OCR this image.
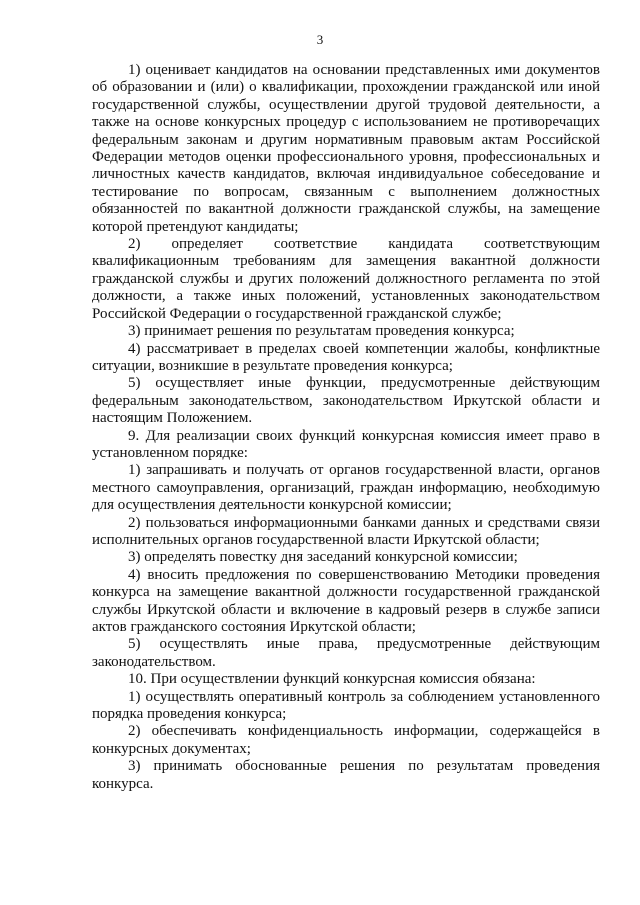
3

1) оценивает кандидатов на основании представленных ими документов об образовании и (или) о квалификации, прохождении гражданской или иной государственной службы, осуществлении другой трудовой деятельности, а также на основе конкурсных процедур с использованием не противоречащих федеральным законам и другим нормативным правовым актам Российской Федерации методов оценки профессионального уровня, профессиональных и личностных качеств кандидатов, включая индивидуальное собеседование и тестирование по вопросам, связанным с выполнением должностных обязанностей по вакантной должности гражданской службы, на замещение которой претендуют кандидаты;

2) определяет соответствие кандидата соответствующим квалификационным требованиям для замещения вакантной должности гражданской службы и других положений должностного регламента по этой должности, а также иных положений, установленных законодательством Российской Федерации о государственной гражданской службе;

3) принимает решения по результатам проведения конкурса;

4) рассматривает в пределах своей компетенции жалобы, конфликтные ситуации, возникшие в результате проведения конкурса;

5) осуществляет иные функции, предусмотренные действующим федеральным законодательством, законодательством Иркутской области и настоящим Положением.

9. Для реализации своих функций конкурсная комиссия имеет право в установленном порядке:

1) запрашивать и получать от органов государственной власти, органов местного самоуправления, организаций, граждан информацию, необходимую для осуществления деятельности конкурсной комиссии;

2) пользоваться информационными банками данных и средствами связи исполнительных органов государственной власти Иркутской области;

3) определять повестку дня заседаний конкурсной комиссии;

4) вносить предложения по совершенствованию Методики проведения конкурса на замещение вакантной должности государственной гражданской службы Иркутской области и включение в кадровый резерв в службе записи актов гражданского состояния Иркутской области;

5) осуществлять иные права, предусмотренные действующим законодательством.

10. При осуществлении функций конкурсная комиссия обязана:

1) осуществлять оперативный контроль за соблюдением установленного порядка проведения конкурса;

2) обеспечивать конфиденциальность информации, содержащейся в конкурсных документах;

3) принимать обоснованные решения по результатам проведения конкурса.
